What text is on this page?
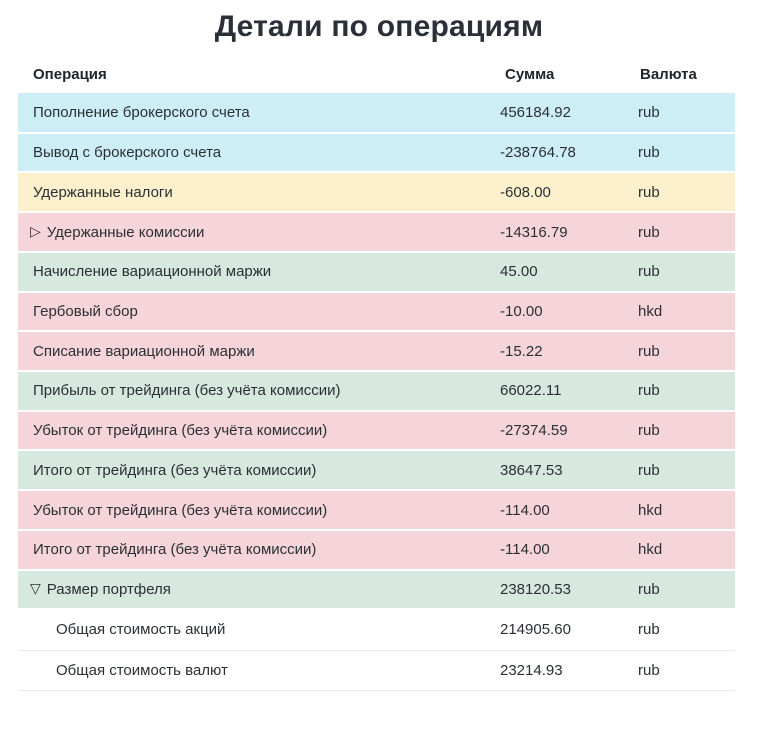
Детали по операциям
Операция	Сумма	Валюта
Пополнение брокерского счета	456184.92	rub
Вывод с брокерского счета	-238764.78	rub
Удержанные налоги	-608.00	rub
▷ Удержанные комиссии	-14316.79	rub
Начисление вариационной маржи	45.00	rub
Гербовый сбор	-10.00	hkd
Списание вариационной маржи	-15.22	rub
Прибыль от трейдинга (без учёта комиссии)	66022.11	rub
Убыток от трейдинга (без учёта комиссии)	-27374.59	rub
Итого от трейдинга (без учёта комиссии)	38647.53	rub
Убыток от трейдинга (без учёта комиссии)	-114.00	hkd
Итого от трейдинга (без учёта комиссии)	-114.00	hkd
▽ Размер портфеля	238120.53	rub
Общая стоимость акций	214905.60	rub
Общая стоимость валют	23214.93	rub
